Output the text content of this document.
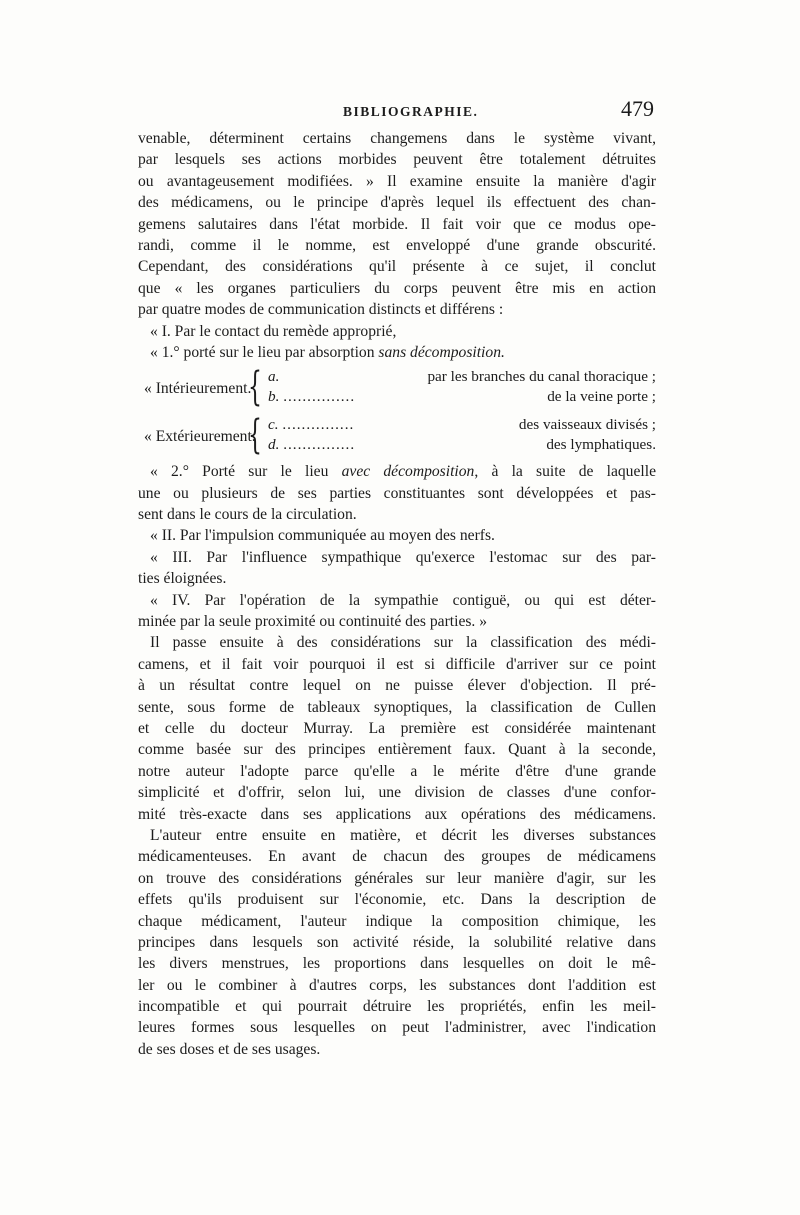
BIBLIOGRAPHIE.	479
venable, déterminent certains changemens dans le système vivant,
par lesquels ses actions morbides peuvent être totalement détruites
ou avantageusement modifiées. » Il examine ensuite la manière d'agir
des médicamens, ou le principe d'après lequel ils effectuent des chan-
gemens salutaires dans l'état morbide. Il fait voir que ce modus ope-
randi, comme il le nomme, est enveloppé d'une grande obscurité.
Cependant, des considérations qu'il présente à ce sujet, il conclut
que « les organes particuliers du corps peuvent être mis en action
par quatre modes de communication distincts et différens :
« I. Par le contact du remède approprié,
« 1.° porté sur le lieu par absorption sans décomposition.
« Intérieurement.
{ a.	par les branches du canal thoracique ;
b. ...............	de la veine porte ;
« Extérieurement.
{ c. ...............	des vaisseaux divisés ;
d. ...............	des lymphatiques.
« 2.° Porté sur le lieu avec décomposition, à la suite de laquelle
une ou plusieurs de ses parties constituantes sont développées et pas-
sent dans le cours de la circulation.
« II. Par l'impulsion communiquée au moyen des nerfs.
« III. Par l'influence sympathique qu'exerce l'estomac sur des par-
ties éloignées.
« IV. Par l'opération de la sympathie contiguë, ou qui est déter-
minée par la seule proximité ou continuité des parties. »
Il passe ensuite à des considérations sur la classification des médi-
camens, et il fait voir pourquoi il est si difficile d'arriver sur ce point
à un résultat contre lequel on ne puisse élever d'objection. Il pré-
sente, sous forme de tableaux synoptiques, la classification de Cullen
et celle du docteur Murray. La première est considérée maintenant
comme basée sur des principes entièrement faux. Quant à la seconde,
notre auteur l'adopte parce qu'elle a le mérite d'être d'une grande
simplicité et d'offrir, selon lui, une division de classes d'une confor-
mité très-exacte dans ses applications aux opérations des médicamens.
L'auteur entre ensuite en matière, et décrit les diverses substances
médicamenteuses. En avant de chacun des groupes de médicamens
on trouve des considérations générales sur leur manière d'agir, sur les
effets qu'ils produisent sur l'économie, etc. Dans la description de
chaque médicament, l'auteur indique la composition chimique, les
principes dans lesquels son activité réside, la solubilité relative dans
les divers menstrues, les proportions dans lesquelles on doit le mê-
ler ou le combiner à d'autres corps, les substances dont l'addition est
incompatible et qui pourrait détruire les propriétés, enfin les meil-
leures formes sous lesquelles on peut l'administrer, avec l'indication
de ses doses et de ses usages.
